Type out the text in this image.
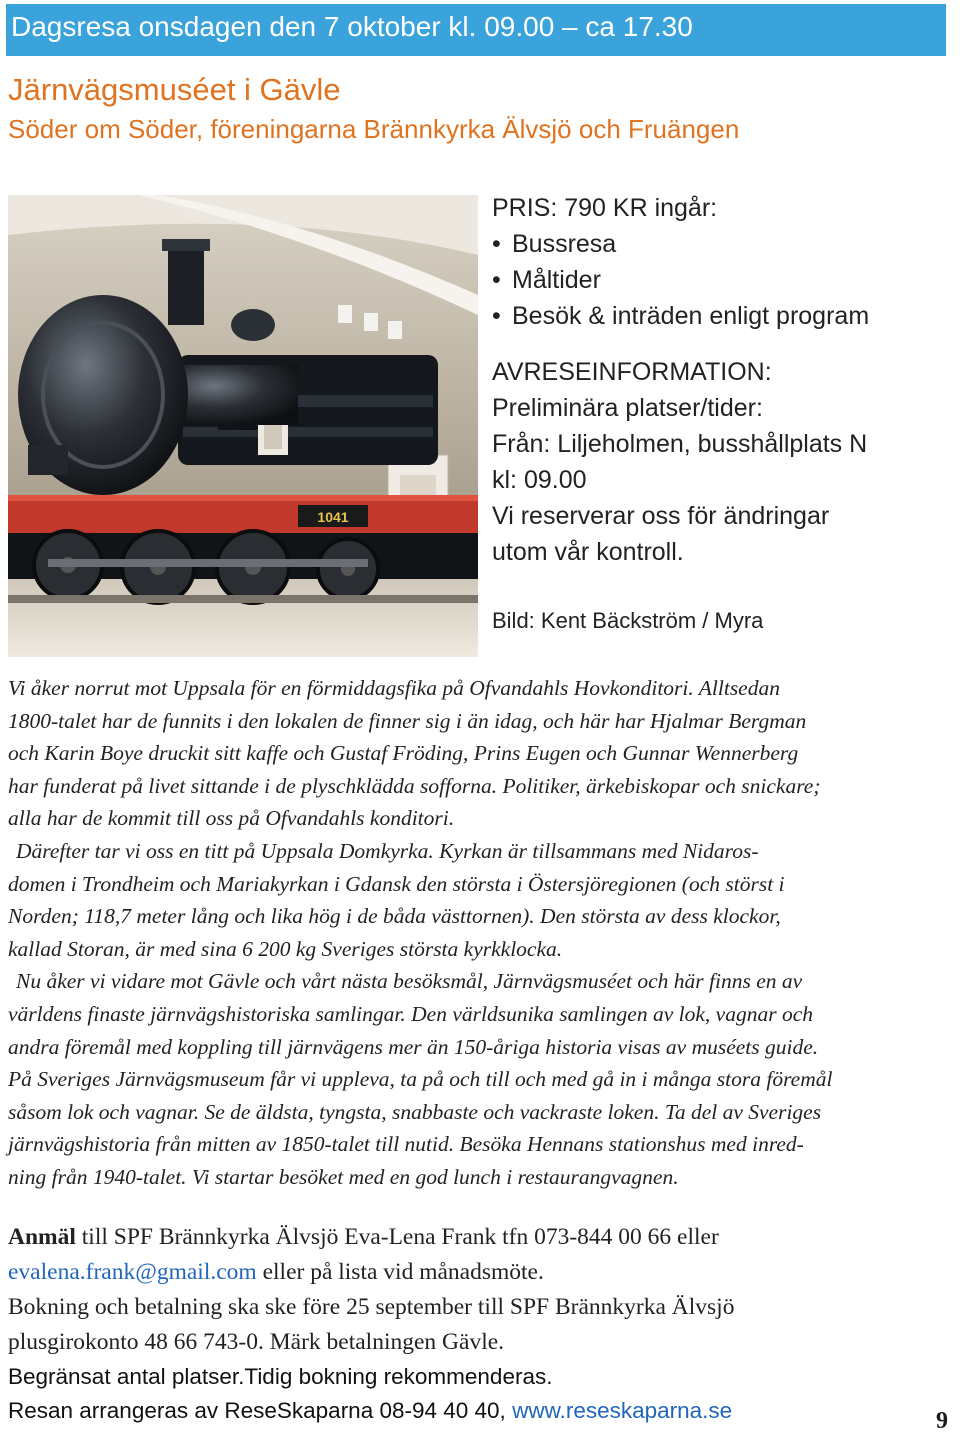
Dagsresa onsdagen den 7 oktober kl. 09.00 – ca 17.30
Järnvägsmuséet i Gävle
Söder om Söder, föreningarna Brännkyrka Älvsjö och Fruängen
1041
PRIS: 790 KR ingår:
• Bussresa
• Måltider
• Besök & inträden enligt program
AVRESEINFORMATION:
Preliminära platser/tider:
Från: Liljeholmen, busshållplats N
kl: 09.00
Vi reserverar oss för ändringar
utom vår kontroll.
Bild: Kent Bäckström / Myra
Vi åker norrut mot Uppsala för en förmiddagsfika på Ofvandahls Hovkonditori. Alltsedan
1800-talet har de funnits i den lokalen de finner sig i än idag, och här har Hjalmar Bergman
och Karin Boye druckit sitt kaffe och Gustaf Fröding, Prins Eugen och Gunnar Wennerberg
har funderat på livet sittande i de plyschklädda sofforna. Politiker, ärkebiskopar och snickare;
alla har de kommit till oss på Ofvandahls konditori.
Därefter tar vi oss en titt på Uppsala Domkyrka. Kyrkan är tillsammans med Nidaros-
domen i Trondheim och Mariakyrkan i Gdansk den största i Östersjöregionen (och störst i
Norden; 118,7 meter lång och lika hög i de båda västtornen). Den största av dess klockor,
kallad Storan, är med sina 6 200 kg Sveriges största kyrkklocka.
Nu åker vi vidare mot Gävle och vårt nästa besöksmål, Järnvägsmuséet och här finns en av
världens finaste järnvägshistoriska samlingar. Den världsunika samlingen av lok, vagnar och
andra föremål med koppling till järnvägens mer än 150-åriga historia visas av muséets guide.
På Sveriges Järnvägsmuseum får vi uppleva, ta på och till och med gå in i många stora föremål
såsom lok och vagnar. Se de äldsta, tyngsta, snabbaste och vackraste loken. Ta del av Sveriges
järnvägshistoria från mitten av 1850-talet till nutid. Besöka Hennans stationshus med inred-
ning från 1940-talet. Vi startar besöket med en god lunch i restaurangvagnen.
Anmäl till SPF Brännkyrka Älvsjö Eva-Lena Frank tfn 073-844 00 66 eller
evalena.frank@gmail.com eller på lista vid månadsmöte.
Bokning och betalning ska ske före 25 september till SPF Brännkyrka Älvsjö
plusgirokonto 48 66 743-0. Märk betalningen Gävle.
Begränsat antal platser.Tidig bokning rekommenderas.
Resan arrangeras av ReseSkaparna 08-94 40 40, www.reseskaparna.se	9
